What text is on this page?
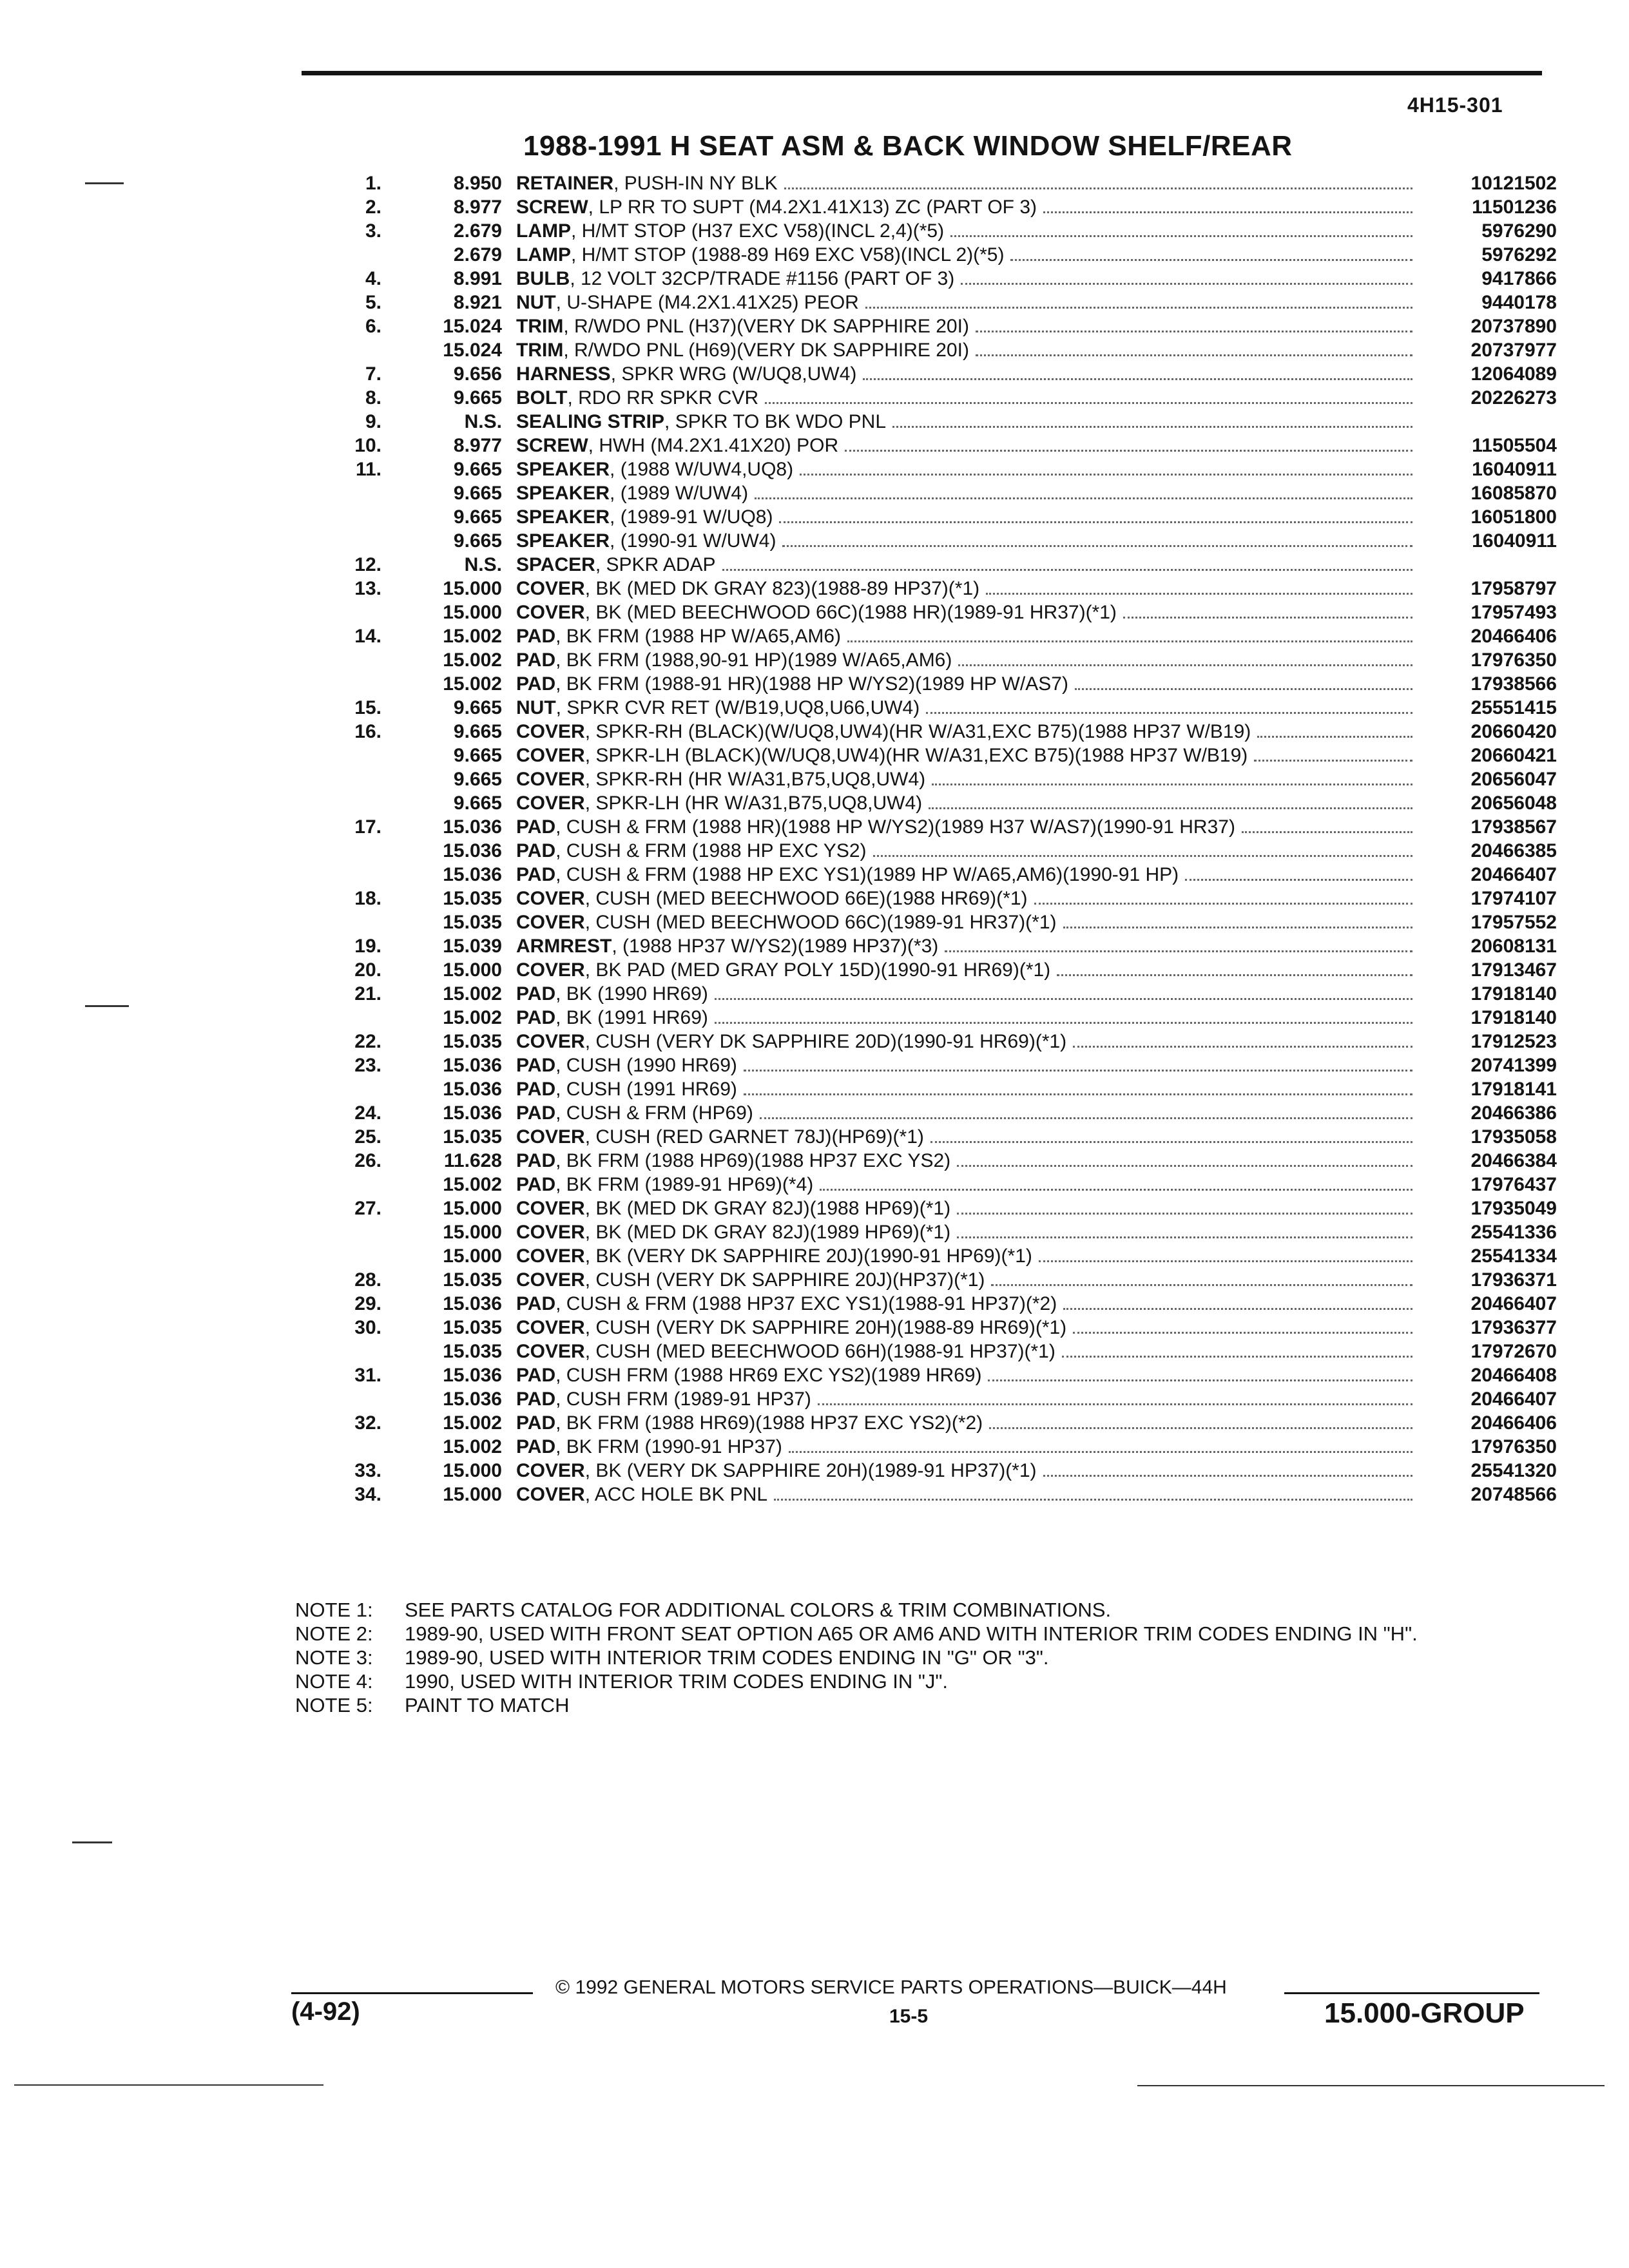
4H15-301
1988-1991 H SEAT ASM & BACK WINDOW SHELF/REAR
1.	8.950 RETAINER, PUSH-IN NY BLK	10121502
2.	8.977 SCREW, LP RR TO SUPT (M4.2X1.41X13) ZC (PART OF 3)	11501236
3.	2.679 LAMP, H/MT STOP (H37 EXC V58)(INCL 2,4)(*5)	5976290
2.679 LAMP, H/MT STOP (1988-89 H69 EXC V58)(INCL 2)(*5)	5976292
4.	8.991 BULB, 12 VOLT 32CP/TRADE #1156 (PART OF 3)	9417866
5.	8.921 NUT, U-SHAPE (M4.2X1.41X25) PEOR	9440178
6.	15.024 TRIM, R/WDO PNL (H37)(VERY DK SAPPHIRE 20I)	20737890
15.024 TRIM, R/WDO PNL (H69)(VERY DK SAPPHIRE 20I)	20737977
7.	9.656 HARNESS, SPKR WRG (W/UQ8,UW4)	12064089
8.	9.665 BOLT, RDO RR SPKR CVR	20226273
9.	N.S. SEALING STRIP, SPKR TO BK WDO PNL
10.	8.977 SCREW, HWH (M4.2X1.41X20) POR	11505504
11.	9.665 SPEAKER, (1988 W/UW4,UQ8)	16040911
9.665 SPEAKER, (1989 W/UW4)	16085870
9.665 SPEAKER, (1989-91 W/UQ8)	16051800
9.665 SPEAKER, (1990-91 W/UW4)	16040911
12.	N.S. SPACER, SPKR ADAP
13.	15.000 COVER, BK (MED DK GRAY 823)(1988-89 HP37)(*1)	17958797
15.000 COVER, BK (MED BEECHWOOD 66C)(1988 HR)(1989-91 HR37)(*1)	17957493
14.	15.002 PAD, BK FRM (1988 HP W/A65,AM6)	20466406
15.002 PAD, BK FRM (1988,90-91 HP)(1989 W/A65,AM6)	17976350
15.002 PAD, BK FRM (1988-91 HR)(1988 HP W/YS2)(1989 HP W/AS7)	17938566
15.	9.665 NUT, SPKR CVR RET (W/B19,UQ8,U66,UW4)	25551415
16.	9.665 COVER, SPKR-RH (BLACK)(W/UQ8,UW4)(HR W/A31,EXC B75)(1988 HP37 W/B19)	20660420
9.665 COVER, SPKR-LH (BLACK)(W/UQ8,UW4)(HR W/A31,EXC B75)(1988 HP37 W/B19)	20660421
9.665 COVER, SPKR-RH (HR W/A31,B75,UQ8,UW4)	20656047
9.665 COVER, SPKR-LH (HR W/A31,B75,UQ8,UW4)	20656048
17.	15.036 PAD, CUSH & FRM (1988 HR)(1988 HP W/YS2)(1989 H37 W/AS7)(1990-91 HR37)	17938567
15.036 PAD, CUSH & FRM (1988 HP EXC YS2)	20466385
15.036 PAD, CUSH & FRM (1988 HP EXC YS1)(1989 HP W/A65,AM6)(1990-91 HP)	20466407
18.	15.035 COVER, CUSH (MED BEECHWOOD 66E)(1988 HR69)(*1)	17974107
15.035 COVER, CUSH (MED BEECHWOOD 66C)(1989-91 HR37)(*1)	17957552
19.	15.039 ARMREST, (1988 HP37 W/YS2)(1989 HP37)(*3)	20608131
20.	15.000 COVER, BK PAD (MED GRAY POLY 15D)(1990-91 HR69)(*1)	17913467
21.	15.002 PAD, BK (1990 HR69)	17918140
15.002 PAD, BK (1991 HR69)	17918140
22.	15.035 COVER, CUSH (VERY DK SAPPHIRE 20D)(1990-91 HR69)(*1)	17912523
23.	15.036 PAD, CUSH (1990 HR69)	20741399
15.036 PAD, CUSH (1991 HR69)	17918141
24.	15.036 PAD, CUSH & FRM (HP69)	20466386
25.	15.035 COVER, CUSH (RED GARNET 78J)(HP69)(*1)	17935058
26.	11.628 PAD, BK FRM (1988 HP69)(1988 HP37 EXC YS2)	20466384
15.002 PAD, BK FRM (1989-91 HP69)(*4)	17976437
27.	15.000 COVER, BK (MED DK GRAY 82J)(1988 HP69)(*1)	17935049
15.000 COVER, BK (MED DK GRAY 82J)(1989 HP69)(*1)	25541336
15.000 COVER, BK (VERY DK SAPPHIRE 20J)(1990-91 HP69)(*1)	25541334
28.	15.035 COVER, CUSH (VERY DK SAPPHIRE 20J)(HP37)(*1)	17936371
29.	15.036 PAD, CUSH & FRM (1988 HP37 EXC YS1)(1988-91 HP37)(*2)	20466407
30.	15.035 COVER, CUSH (VERY DK SAPPHIRE 20H)(1988-89 HR69)(*1)	17936377
15.035 COVER, CUSH (MED BEECHWOOD 66H)(1988-91 HP37)(*1)	17972670
31.	15.036 PAD, CUSH FRM (1988 HR69 EXC YS2)(1989 HR69)	20466408
15.036 PAD, CUSH FRM (1989-91 HP37)	20466407
32.	15.002 PAD, BK FRM (1988 HR69)(1988 HP37 EXC YS2)(*2)	20466406
15.002 PAD, BK FRM (1990-91 HP37)	17976350
33.	15.000 COVER, BK (VERY DK SAPPHIRE 20H)(1989-91 HP37)(*1)	25541320
34.	15.000 COVER, ACC HOLE BK PNL	20748566
NOTE 1:	SEE PARTS CATALOG FOR ADDITIONAL COLORS & TRIM COMBINATIONS.
NOTE 2:	1989-90, USED WITH FRONT SEAT OPTION A65 OR AM6 AND WITH INTERIOR TRIM CODES ENDING IN "H".
NOTE 3:	1989-90, USED WITH INTERIOR TRIM CODES ENDING IN "G" OR "3".
NOTE 4:	1990, USED WITH INTERIOR TRIM CODES ENDING IN "J".
NOTE 5:	PAINT TO MATCH
© 1992 GENERAL MOTORS SERVICE PARTS OPERATIONS—BUICK—44H
(4-92)	15-5	15.000-GROUP
